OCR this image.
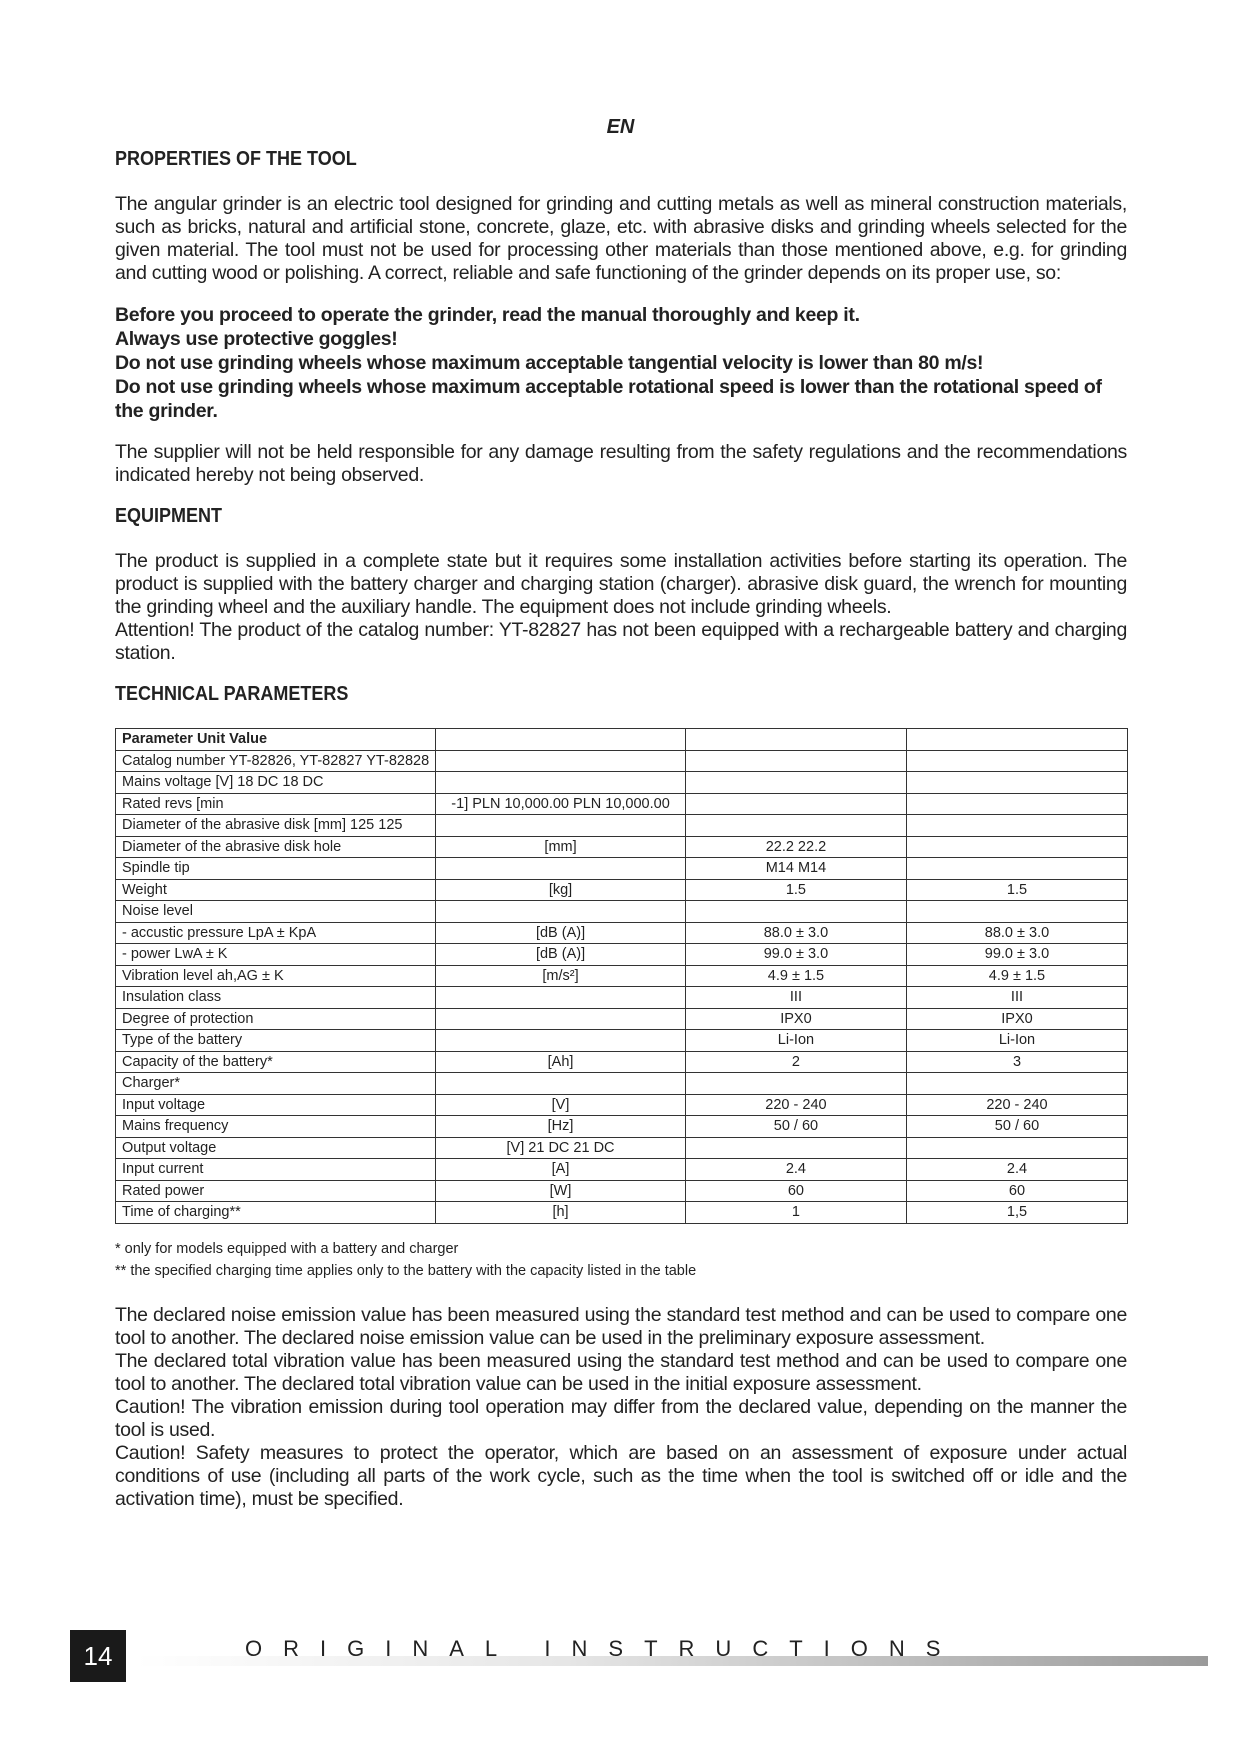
EN
PROPERTIES OF THE TOOL

The angular grinder is an electric tool designed for grinding and cutting metals as well as mineral construction materials, such as bricks, natural and artificial stone, concrete, glaze, etc. with abrasive disks and grinding wheels selected for the given material. The tool must not be used for processing other materials than those mentioned above, e.g. for grinding and cutting wood or polishing. A correct, reliable and safe functioning of the grinder depends on its proper use, so:

Before you proceed to operate the grinder, read the manual thoroughly and keep it.

Always use protective goggles!

Do not use grinding wheels whose maximum acceptable tangential velocity is lower than 80 m/s!

Do not use grinding wheels whose maximum acceptable rotational speed is lower than the rotational speed of the grinder.

The supplier will not be held responsible for any damage resulting from the safety regulations and the recommendations indicated hereby not being observed.

EQUIPMENT

The product is supplied in a complete state but it requires some installation activities before starting its operation. The product is supplied with the battery charger and charging station (charger). abrasive disk guard, the wrench for mounting the grinding wheel and the auxiliary handle. The equipment does not include grinding wheels.

Attention! The product of the catalog number: YT-82827 has not been equipped with a rechargeable battery and charging station.

TECHNICAL PARAMETERS
Parameter Unit Value			
Catalog number YT-82826, YT-82827 YT-82828			
Mains voltage [V] 18 DC 18 DC			
Rated revs [min	-1] PLN 10,000.00 PLN 10,000.00		
Diameter of the abrasive disk [mm] 125 125			
Diameter of the abrasive disk hole	[mm]	22.2 22.2	
Spindle tip		M14 M14	
Weight	[kg]	1.5	1.5
Noise level			
- accustic pressure LpA ± KpA	[dB (A)]	88.0 ± 3.0	88.0 ± 3.0
- power LwA ± K	[dB (A)]	99.0 ± 3.0	99.0 ± 3.0
Vibration level ah,AG ± K	[m/s²]	4.9 ± 1.5	4.9 ± 1.5
Insulation class		III	III
Degree of protection		IPX0	IPX0
Type of the battery		Li-Ion	Li-Ion
Capacity of the battery*	[Ah]	2	3
Charger*			
Input voltage	[V]	220 - 240	220 - 240
Mains frequency	[Hz]	50 / 60	50 / 60
Output voltage	[V] 21 DC 21 DC		
Input current	[A]	2.4	2.4
Rated power	[W]	60	60
Time of charging**	[h]	1	1,5

* only for models equipped with a battery and charger

** the specified charging time applies only to the battery with the capacity listed in the table

The declared noise emission value has been measured using the standard test method and can be used to compare one tool to another. The declared noise emission value can be used in the preliminary exposure assessment.

The declared total vibration value has been measured using the standard test method and can be used to compare one tool to another. The declared total vibration value can be used in the initial exposure assessment.

Caution! The vibration emission during tool operation may differ from the declared value, depending on the manner the tool is used.

Caution! Safety measures to protect the operator, which are based on an assessment of exposure under actual conditions of use (including all parts of the work cycle, such as the time when the tool is switched off or idle and the activation time), must be specified.

14	ORIGINAL INSTRUCTIONS
